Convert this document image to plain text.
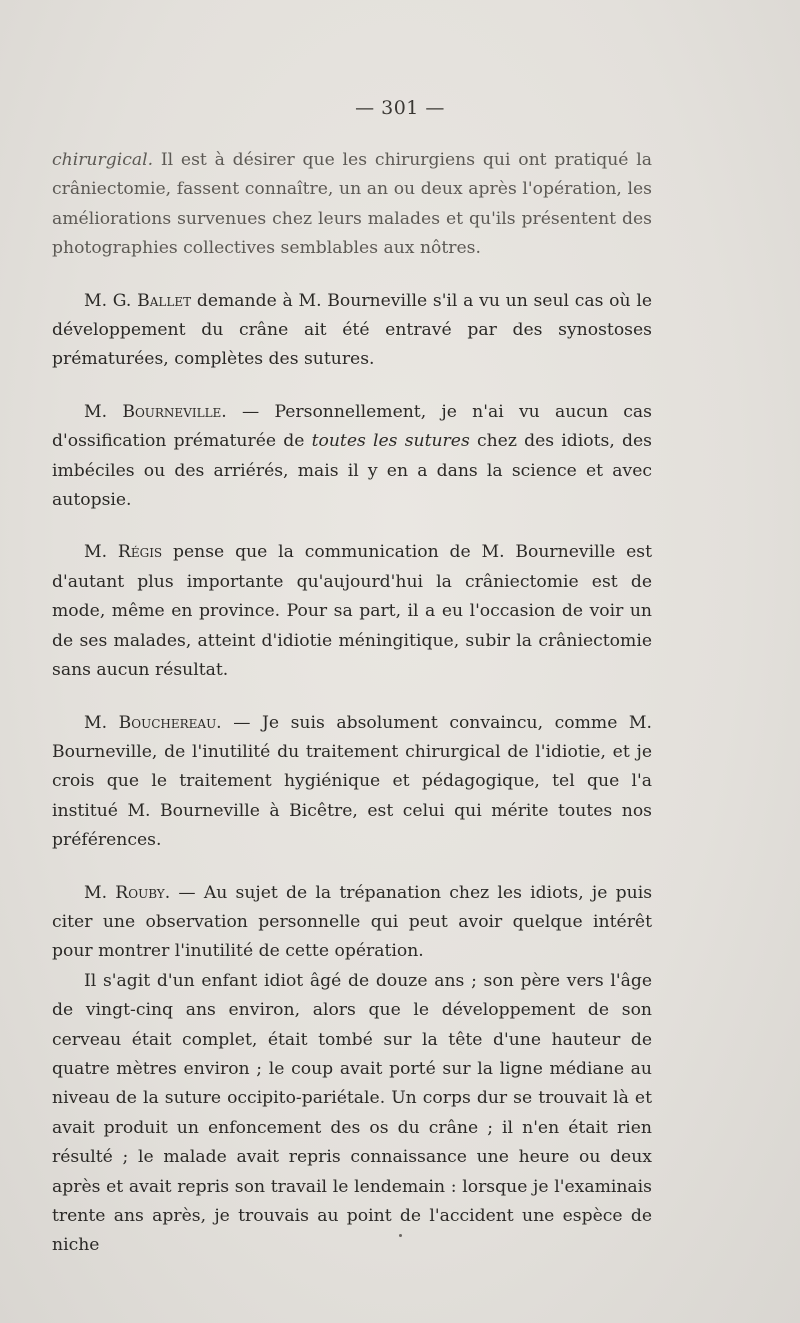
— 301 —

chirurgical. Il est à désirer que les chirurgiens qui ont pratiqué la crâniectomie, fassent connaître, un an ou deux après l'opération, les améliorations survenues chez leurs malades et qu'ils présentent des photographies collectives semblables aux nôtres.

M. G. Ballet demande à M. Bourneville s'il a vu un seul cas où le développement du crâne ait été entravé par des synostoses prématurées, complètes des sutures.

M. Bourneville. — Personnellement, je n'ai vu aucun cas d'ossification prématurée de toutes les sutures chez des idiots, des imbéciles ou des arriérés, mais il y en a dans la science et avec autopsie.

M. Régis pense que la communication de M. Bourneville est d'autant plus importante qu'aujourd'hui la crâniectomie est de mode, même en province. Pour sa part, il a eu l'occasion de voir un de ses malades, atteint d'idiotie méningitique, subir la crâniectomie sans aucun résultat.

M. Bouchereau. — Je suis absolument convaincu, comme M. Bourneville, de l'inutilité du traitement chirurgical de l'idiotie, et je crois que le traitement hygiénique et pédagogique, tel que l'a institué M. Bourneville à Bicêtre, est celui qui mérite toutes nos préférences.

M. Rouby. — Au sujet de la trépanation chez les idiots, je puis citer une observation personnelle qui peut avoir quelque intérêt pour montrer l'inutilité de cette opération.

Il s'agit d'un enfant idiot âgé de douze ans ; son père vers l'âge de vingt-cinq ans environ, alors que le développement de son cerveau était complet, était tombé sur la tête d'une hauteur de quatre mètres environ ; le coup avait porté sur la ligne médiane au niveau de la suture occipito-pariétale. Un corps dur se trouvait là et avait produit un enfoncement des os du crâne ; il n'en était rien résulté ; le malade avait repris connaissance une heure ou deux après et avait repris son travail le lendemain : lorsque je l'examinais trente ans après, je trouvais au point de l'accident une espèce de niche
